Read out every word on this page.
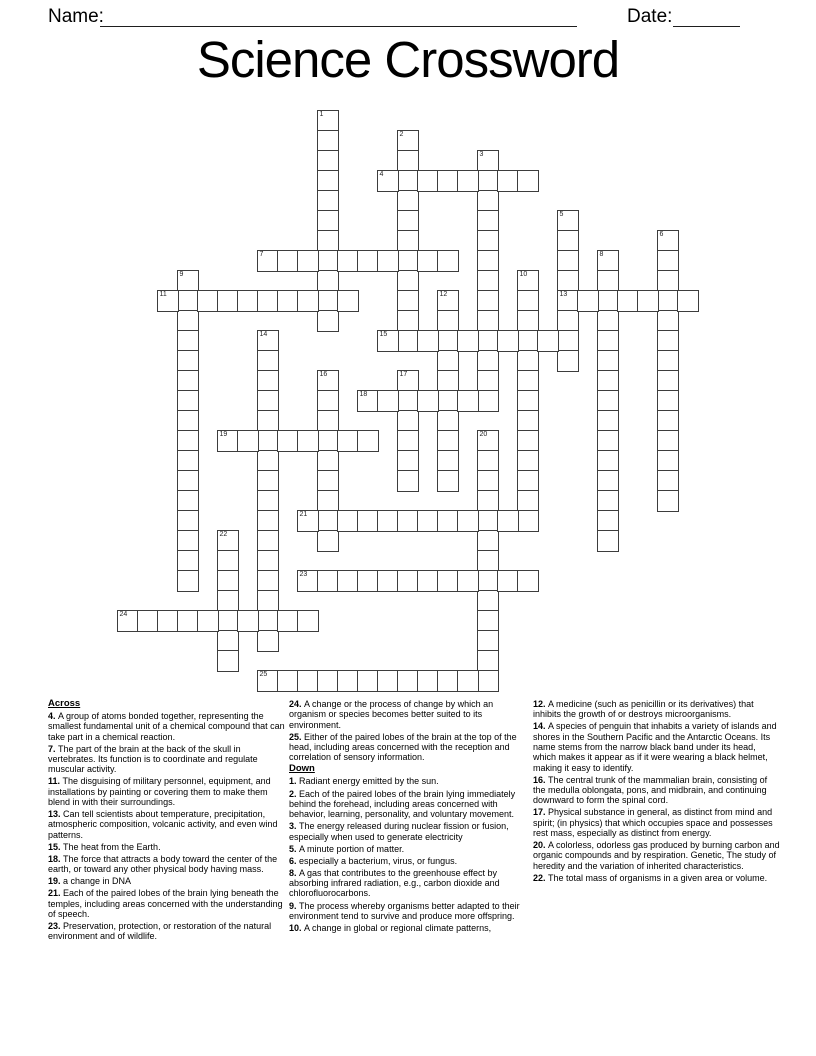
Name:	Date:
Science Crossword
1
2
3
4
5
13
6
7	8
9	10
11	12
14	15
16	17
18
19	20
21
22
23
24
25

Across

4. A group of atoms bonded together, representing the smallest fundamental unit of a chemical compound that can take part in a chemical reaction.

7. The part of the brain at the back of the skull in vertebrates. Its function is to coordinate and regulate muscular activity.

11. The disguising of military personnel, equipment, and installations by painting or covering them to make them blend in with their surroundings.

13. Can tell scientists about temperature, precipitation, atmospheric composition, volcanic activity, and even wind patterns.

15. The heat from the Earth.

18. The force that attracts a body toward the center of the earth, or toward any other physical body having mass.

19. a change in DNA

21. Each of the paired lobes of the brain lying beneath the temples, including areas concerned with the understanding of speech.

23. Preservation, protection, or restoration of the natural environment and of wildlife.

24. A change or the process of change by which an organism or species becomes better suited to its environment.

25. Either of the paired lobes of the brain at the top of the head, including areas concerned with the reception and correlation of sensory information.

Down

1. Radiant energy emitted by the sun.

2. Each of the paired lobes of the brain lying immediately behind the forehead, including areas concerned with behavior, learning, personality, and voluntary movement.

3. The energy released during nuclear fission or fusion, especially when used to generate electricity

5. A minute portion of matter.

6. especially a bacterium, virus, or fungus.

8. A gas that contributes to the greenhouse effect by absorbing infrared radiation, e.g., carbon dioxide and chlorofluorocarbons.

9. The process whereby organisms better adapted to their environment tend to survive and produce more offspring.

10. A change in global or regional climate patterns,

12. A medicine (such as penicillin or its derivatives) that inhibits the growth of or destroys microorganisms.

14. A species of penguin that inhabits a variety of islands and shores in the Southern Pacific and the Antarctic Oceans. Its name stems from the narrow black band under its head, which makes it appear as if it were wearing a black helmet, making it easy to identify.

16. The central trunk of the mammalian brain, consisting of the medulla oblongata, pons, and midbrain, and continuing downward to form the spinal cord.

17. Physical substance in general, as distinct from mind and spirit; (in physics) that which occupies space and possesses rest mass, especially as distinct from energy.

20. A colorless, odorless gas produced by burning carbon and organic compounds and by respiration. Genetic, The study of heredity and the variation of inherited characteristics.

22. The total mass of organisms in a given area or volume.
